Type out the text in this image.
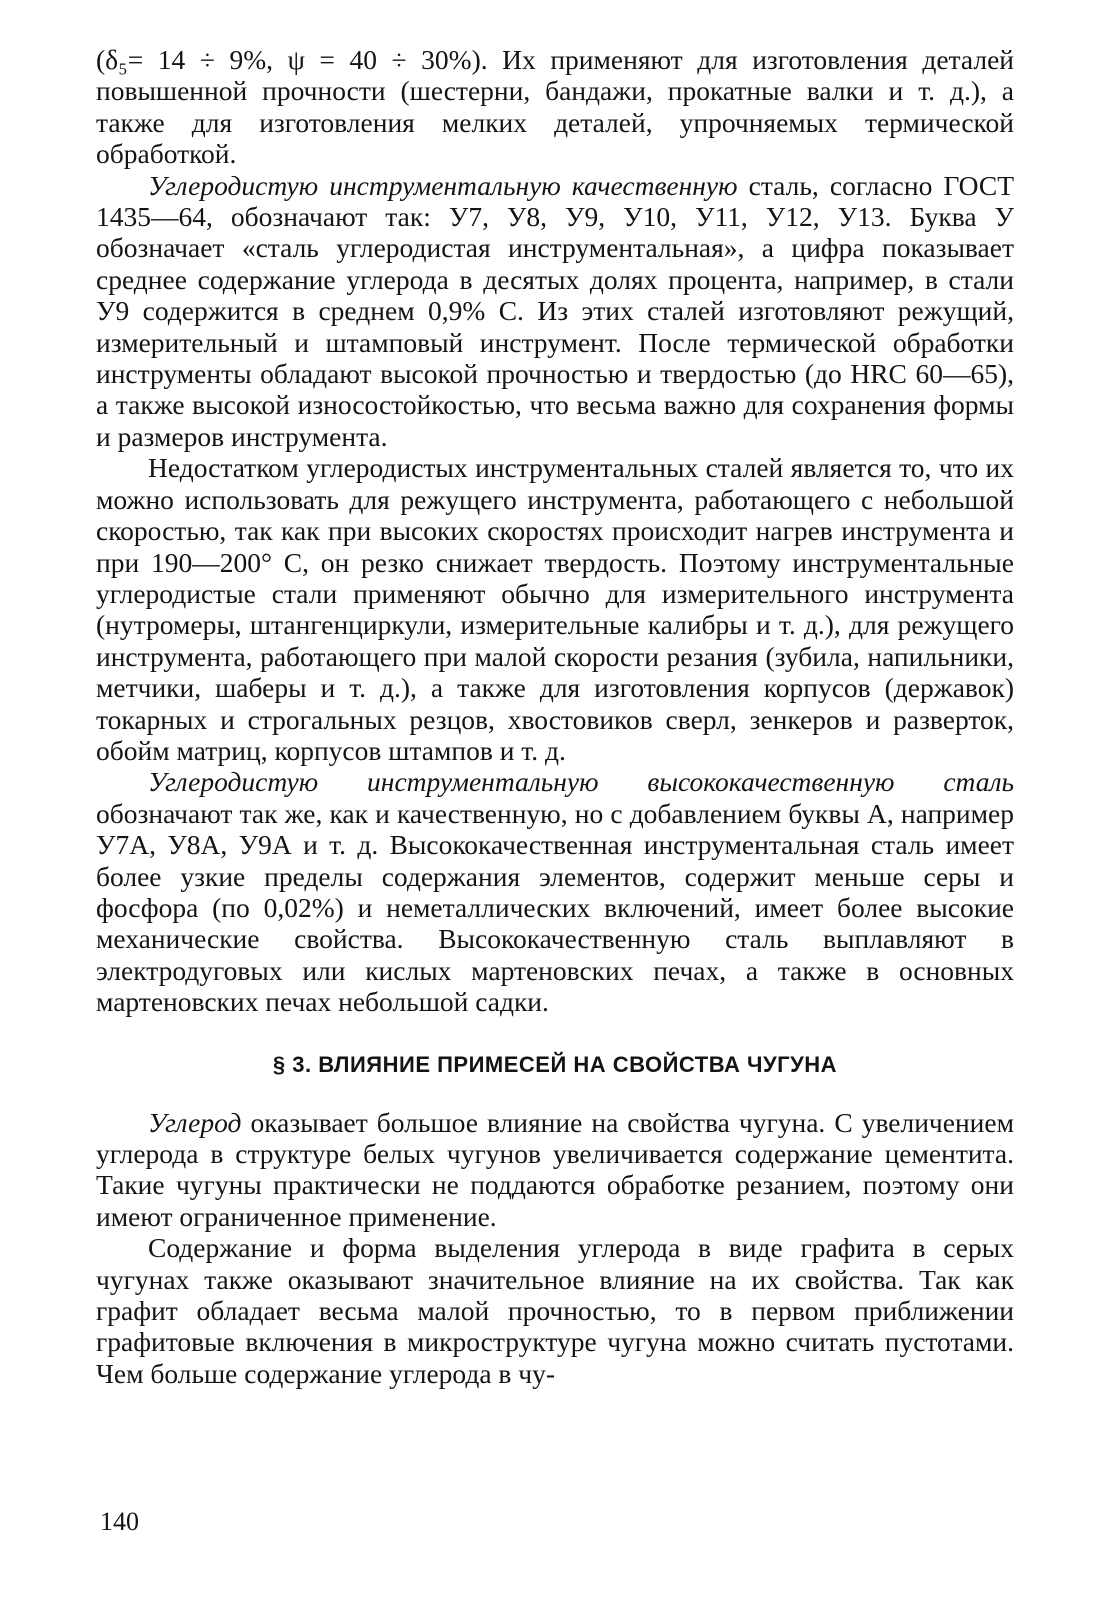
(δ₅= 14 ÷ 9%, ψ = 40 ÷ 30%). Их применяют для изготовления деталей повышенной прочности (шестерни, бандажи, прокатные валки и т. д.), а также для изготовления мелких деталей, упрочняемых термической обработкой.

Углеродистую инструментальную качественную сталь, согласно ГОСТ 1435—64, обозначают так: У7, У8, У9, У10, У11, У12, У13. Буква У обозначает «сталь углеродистая инструментальная», а цифра показывает среднее содержание углерода в десятых долях процента, например, в стали У9 содержится в среднем 0,9% С. Из этих сталей изготовляют режущий, измерительный и штамповый инструмент. После термической обработки инструменты обладают высокой прочностью и твердостью (до HRC 60—65), а также высокой износостойкостью, что весьма важно для сохранения формы и размеров инструмента.

Недостатком углеродистых инструментальных сталей является то, что их можно использовать для режущего инструмента, работающего с небольшой скоростью, так как при высоких скоростях происходит нагрев инструмента и при 190—200° С, он резко снижает твердость. Поэтому инструментальные углеродистые стали применяют обычно для измерительного инструмента (нутромеры, штангенциркули, измерительные калибры и т. д.), для режущего инструмента, работающего при малой скорости резания (зубила, напильники, метчики, шаберы и т. д.), а также для изготовления корпусов (державок) токарных и строгальных резцов, хвостовиков сверл, зенкеров и разверток, обойм матриц, корпусов штампов и т. д.

Углеродистую инструментальную высококачественную сталь обозначают так же, как и качественную, но с добавлением буквы А, например У7А, У8А, У9А и т. д. Высококачественная инструментальная сталь имеет более узкие пределы содержания элементов, содержит меньше серы и фосфора (по 0,02%) и неметаллических включений, имеет более высокие механические свойства. Высококачественную сталь выплавляют в электродуговых или кислых мартеновских печах, а также в основных мартеновских печах небольшой садки.

§ 3. ВЛИЯНИЕ ПРИМЕСЕЙ НА СВОЙСТВА ЧУГУНА

Углерод оказывает большое влияние на свойства чугуна. С увеличением углерода в структуре белых чугунов увеличивается содержание цементита. Такие чугуны практически не поддаются обработке резанием, поэтому они имеют ограниченное применение.

Содержание и форма выделения углерода в виде графита в серых чугунах также оказывают значительное влияние на их свойства. Так как графит обладает весьма малой прочностью, то в первом приближении графитовые включения в микроструктуре чугуна можно считать пустотами. Чем больше содержание углерода в чу-

140
